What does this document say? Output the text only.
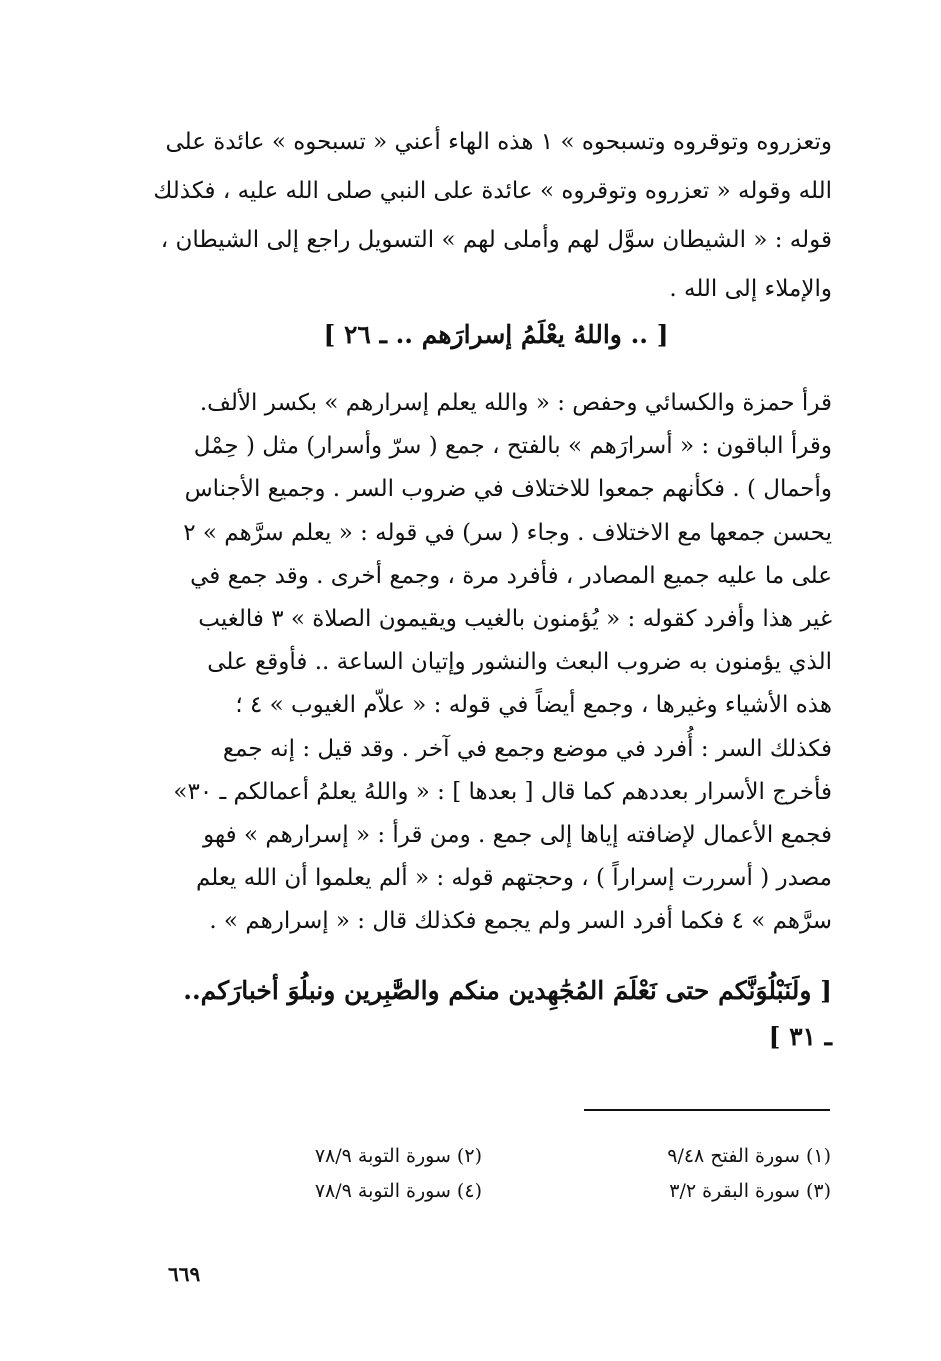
وتعزروه وتوقروه وتسبحوه » ١ هذه الهاء أعني « تسبحوه » عائدة على
الله وقوله « تعزروه وتوقروه » عائدة على النبي صلى الله عليه ، فكذلك
قوله : « الشيطان سوَّل لهم وأملى لهم » التسويل راجع إلى الشيطان ،
والإملاء إلى الله .
[ .. واللهُ يعْلَمُ إسرارَهم .. ـ ٢٦ ]
قرأ حمزة والكسائي وحفص : « والله يعلم إسرارهم » بكسر الألف.
وقرأ الباقون : « أسرارَهم » بالفتح ، جمع ( سرّ وأسرار) مثل ( حِمْل
وأحمال ) . فكأنهم جمعوا للاختلاف في ضروب السر . وجميع الأجناس
يحسن جمعها مع الاختلاف . وجاء ( سر) في قوله : « يعلم سرَّهم » ٢
على ما عليه جميع المصادر ، فأفرد مرة ، وجمع أخرى . وقد جمع في
غير هذا وأفرد كقوله : « يُؤمنون بالغيب ويقيمون الصلاة » ٣ فالغيب
الذي يؤمنون به ضروب البعث والنشور وإتيان الساعة .. فأوقع على
هذه الأشياء وغيرها ، وجمع أيضاً في قوله : « علاّم الغيوب » ٤ ؛
فكذلك السر : أُفرد في موضع وجمع في آخر . وقد قيل : إنه جمع
فأخرج الأسرار بعددهم كما قال [ بعدها ] : « واللهُ يعلمُ أعمالكم ـ ٣٠»
فجمع الأعمال لإضافته إياها إلى جمع . ومن قرأ : « إسرارهم » فهو
مصدر ( أسررت إسراراً ) ، وحجتهم قوله : « ألم يعلموا أن الله يعلم
سرَّهم » ٤ فكما أفرد السر ولم يجمع فكذلك قال : « إسرارهم » .
[ ولَنَبْلُوَنَّكم حتى نَعْلَمَ المُجَٰهِدين منكم والصَّٰبِرين ونبلُوَ أخبارَكم..
ـ ٣١ ]
(١) سورة الفتح ٩/٤٨
(٢) سورة التوبة ٧٨/٩
(٣) سورة البقرة ٣/٢
(٤) سورة التوبة ٧٨/٩
٦٦٩
